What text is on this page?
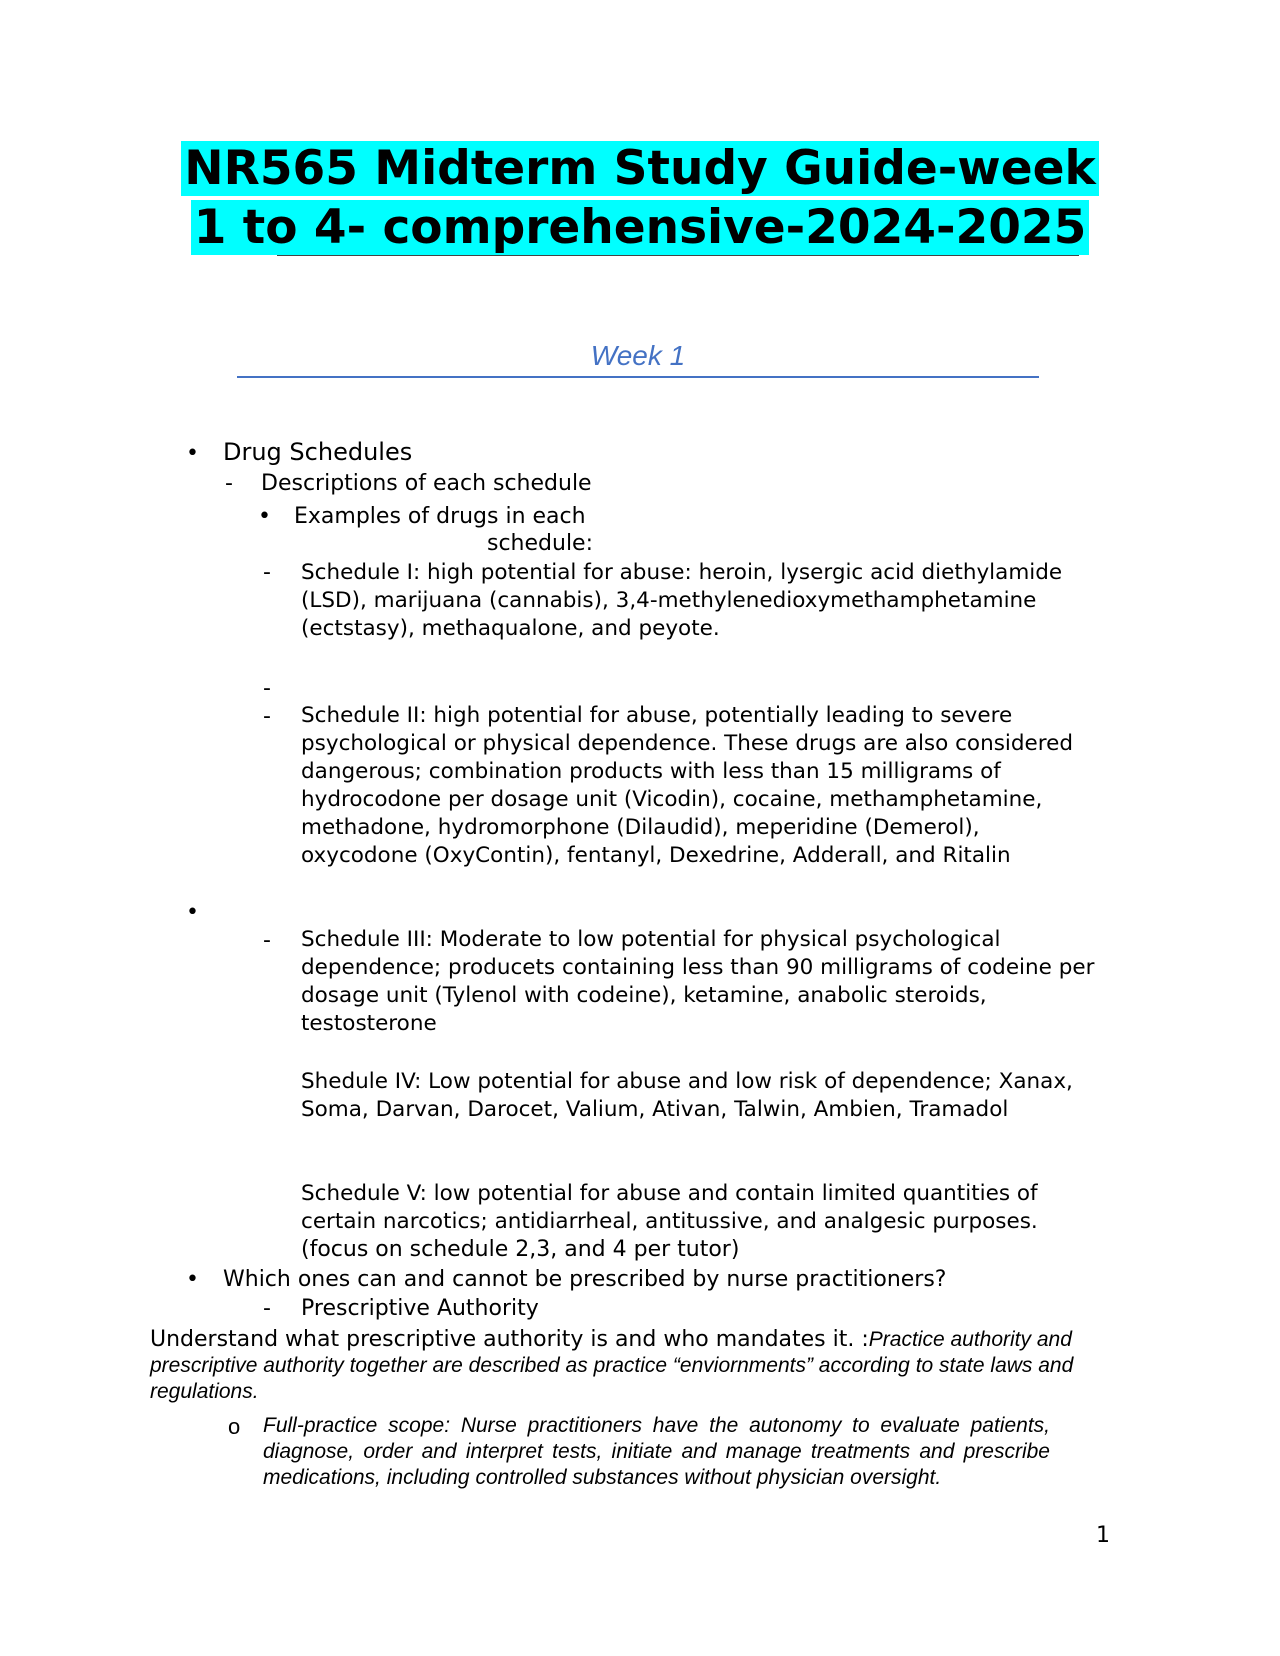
NR565 Midterm Study Guide-week
1 to 4- comprehensive-2024-2025
Week 1
• Drug Schedules
- Descriptions of each schedule
• Examples of drugs in each
schedule:
- Schedule I: high potential for abuse: heroin, lysergic acid diethylamide (LSD), marijuana (cannabis), 3,4-methylenedioxymethamphetamine (ectstasy), methaqualone, and peyote.
-
- Schedule II: high potential for abuse, potentially leading to severe psychological or physical dependence. These drugs are also considered dangerous; combination products with less than 15 milligrams of hydrocodone per dosage unit (Vicodin), cocaine, methamphetamine, methadone, hydromorphone (Dilaudid), meperidine (Demerol), oxycodone (OxyContin), fentanyl, Dexedrine, Adderall, and Ritalin
•
- Schedule III: Moderate to low potential for physical psychological dependence; producets containing less than 90 milligrams of codeine per dosage unit (Tylenol with codeine), ketamine, anabolic steroids, testosterone
Shedule IV: Low potential for abuse and low risk of dependence; Xanax, Soma, Darvan, Darocet, Valium, Ativan, Talwin, Ambien, Tramadol
Schedule V: low potential for abuse and contain limited quantities of certain narcotics; antidiarrheal, antitussive, and analgesic purposes.
(focus on schedule 2,3, and 4 per tutor)
• Which ones can and cannot be prescribed by nurse practitioners?
- Prescriptive Authority
Understand what prescriptive authority is and who mandates it. :Practice authority and prescriptive authority together are described as practice “enviornments” according to state laws and regulations.
o Full-practice scope: Nurse practitioners have the autonomy to evaluate patients, diagnose, order and interpret tests, initiate and manage treatments and prescribe medications, including controlled substances without physician oversight.
1
